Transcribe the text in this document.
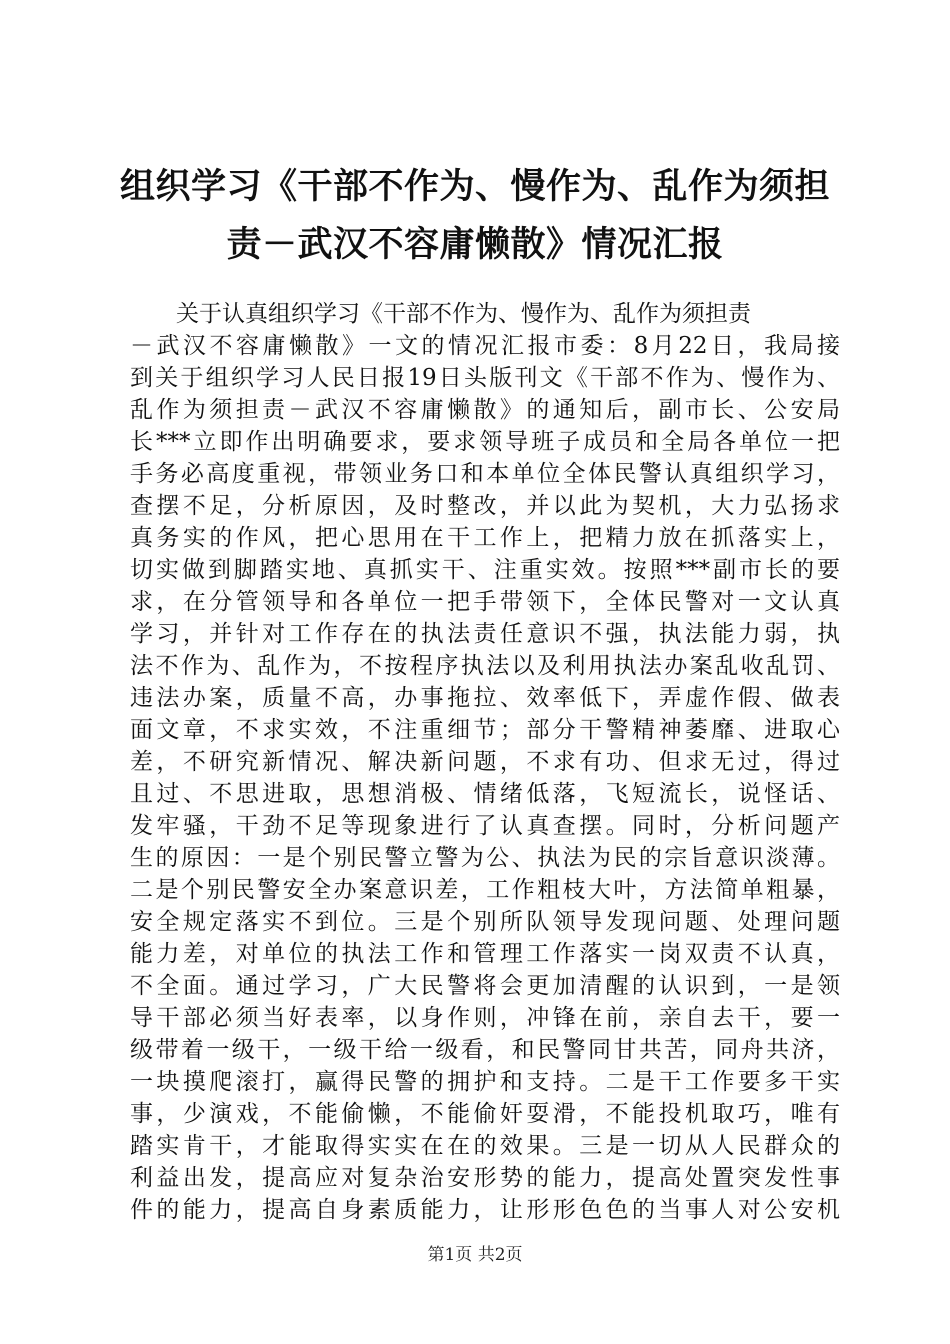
组织学习《干部不作为、慢作为、乱作为须担
责－武汉不容庸懒散》情况汇报
　　关于认真组织学习《干部不作为、慢作为、乱作为须担责
－武汉不容庸懒散》一文的情况汇报市委：8月22日，我局接
到关于组织学习人民日报19日头版刊文《干部不作为、慢作为、
乱作为须担责－武汉不容庸懒散》的通知后，副市长、公安局
长***立即作出明确要求，要求领导班子成员和全局各单位一把
手务必高度重视，带领业务口和本单位全体民警认真组织学习，
查摆不足，分析原因，及时整改，并以此为契机，大力弘扬求
真务实的作风，把心思用在干工作上，把精力放在抓落实上，
切实做到脚踏实地、真抓实干、注重实效。按照***副市长的要
求，在分管领导和各单位一把手带领下，全体民警对一文认真
学习，并针对工作存在的执法责任意识不强，执法能力弱，执
法不作为、乱作为，不按程序执法以及利用执法办案乱收乱罚、
违法办案，质量不高，办事拖拉、效率低下，弄虚作假、做表
面文章，不求实效，不注重细节；部分干警精神萎靡、进取心
差，不研究新情况、解决新问题，不求有功、但求无过，得过
且过、不思进取，思想消极、情绪低落，飞短流长，说怪话、
发牢骚，干劲不足等现象进行了认真查摆。同时，分析问题产
生的原因：一是个别民警立警为公、执法为民的宗旨意识淡薄。
二是个别民警安全办案意识差，工作粗枝大叶，方法简单粗暴，
安全规定落实不到位。三是个别所队领导发现问题、处理问题
能力差，对单位的执法工作和管理工作落实一岗双责不认真，
不全面。通过学习，广大民警将会更加清醒的认识到，一是领
导干部必须当好表率，以身作则，冲锋在前，亲自去干，要一
级带着一级干，一级干给一级看，和民警同甘共苦，同舟共济，
一块摸爬滚打，赢得民警的拥护和支持。二是干工作要多干实
事，少演戏，不能偷懒，不能偷奸耍滑，不能投机取巧，唯有
踏实肯干，才能取得实实在在的效果。三是一切从人民群众的
利益出发，提高应对复杂治安形势的能力，提高处置突发性事
件的能力，提高自身素质能力，让形形色色的当事人对公安机
第1页 共2页
